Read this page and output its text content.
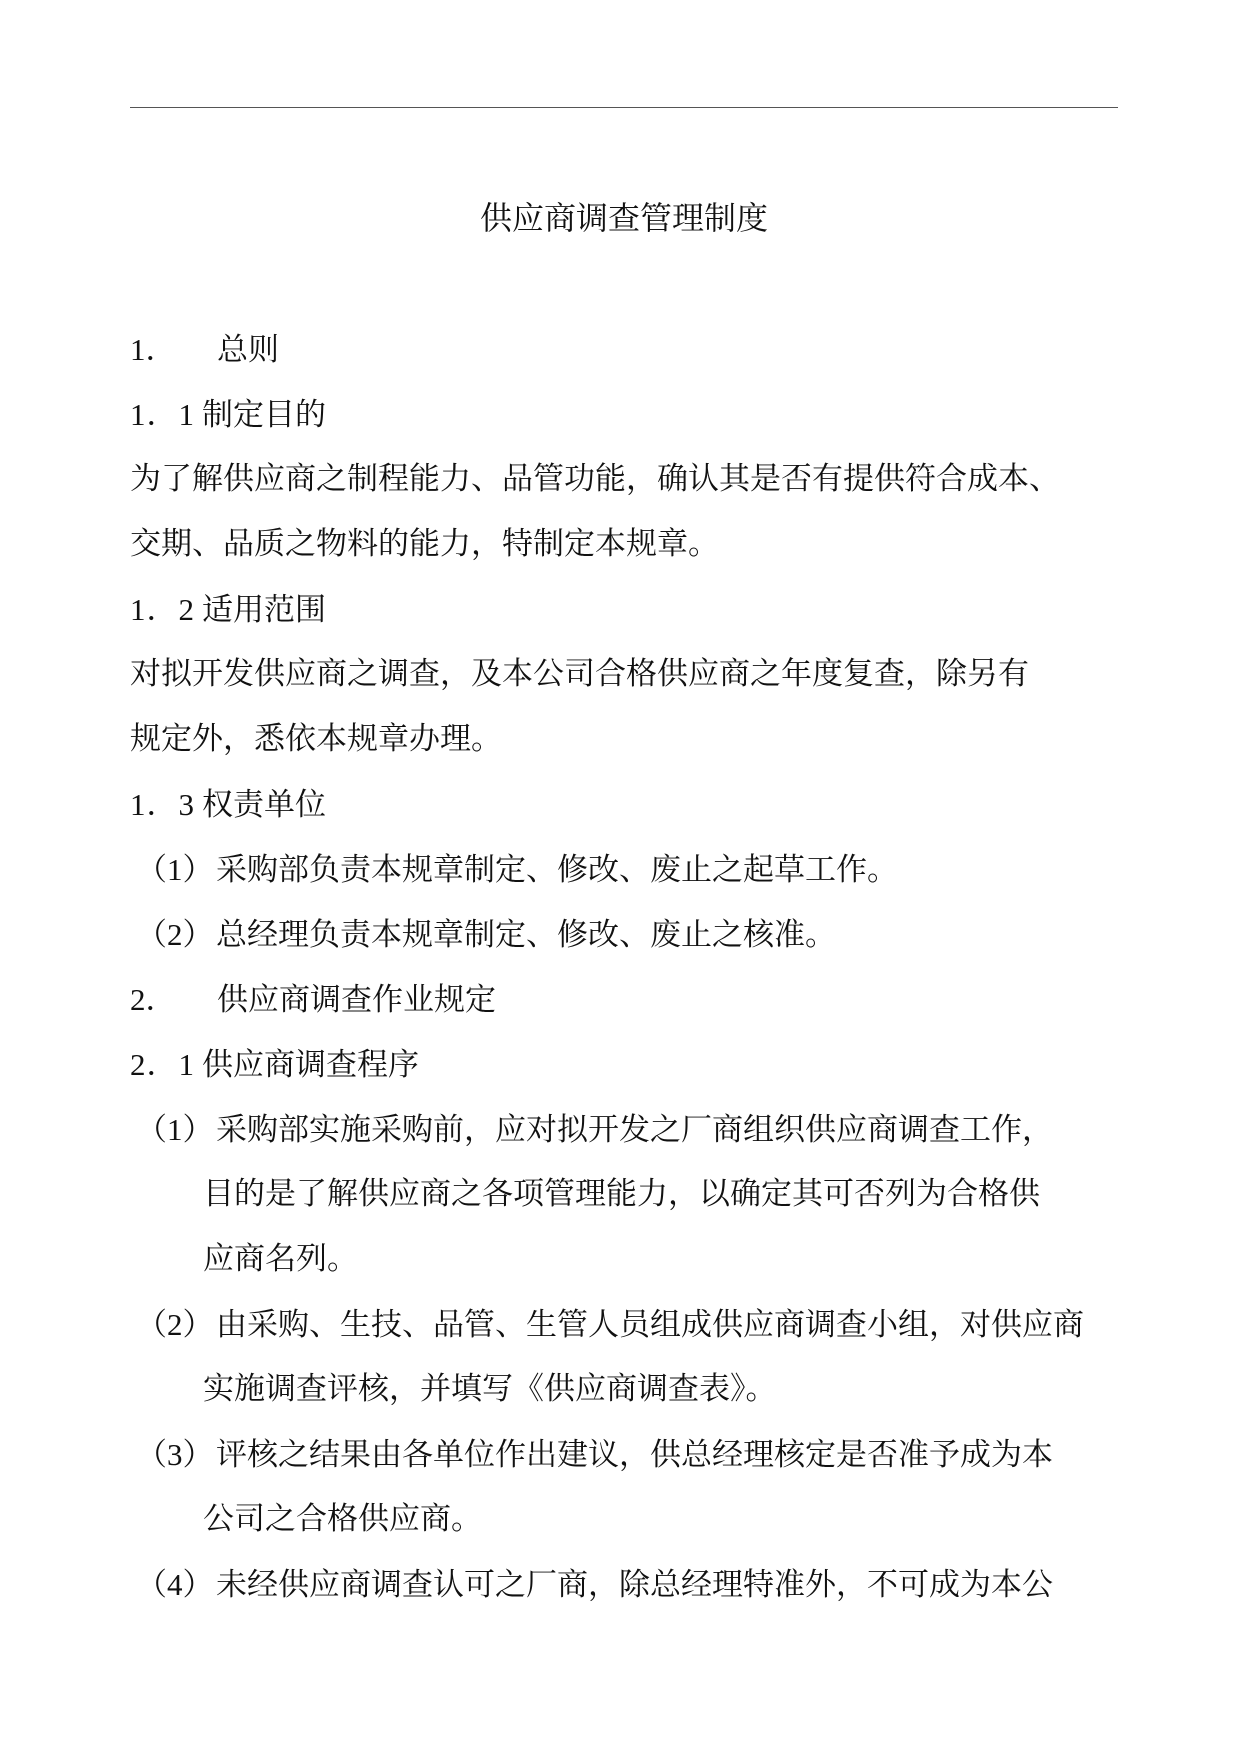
供应商调查管理制度
1． 总则
1．1 制定目的
为了解供应商之制程能力、品管功能，确认其是否有提供符合成本、
交期、品质之物料的能力，特制定本规章。
1．2 适用范围
对拟开发供应商之调查，及本公司合格供应商之年度复查，除另有
规定外，悉依本规章办理。
1．3 权责单位
（1）采购部负责本规章制定、修改、废止之起草工作。
（2）总经理负责本规章制定、修改、废止之核准。
2． 供应商调查作业规定
2．1 供应商调查程序
（1）采购部实施采购前，应对拟开发之厂商组织供应商调查工作，
目的是了解供应商之各项管理能力，以确定其可否列为合格供
应商名列。
（2）由采购、生技、品管、生管人员组成供应商调查小组，对供应商
实施调查评核，并填写《供应商调查表》。
（3）评核之结果由各单位作出建议，供总经理核定是否准予成为本
公司之合格供应商。
（4）未经供应商调查认可之厂商，除总经理特准外，不可成为本公
